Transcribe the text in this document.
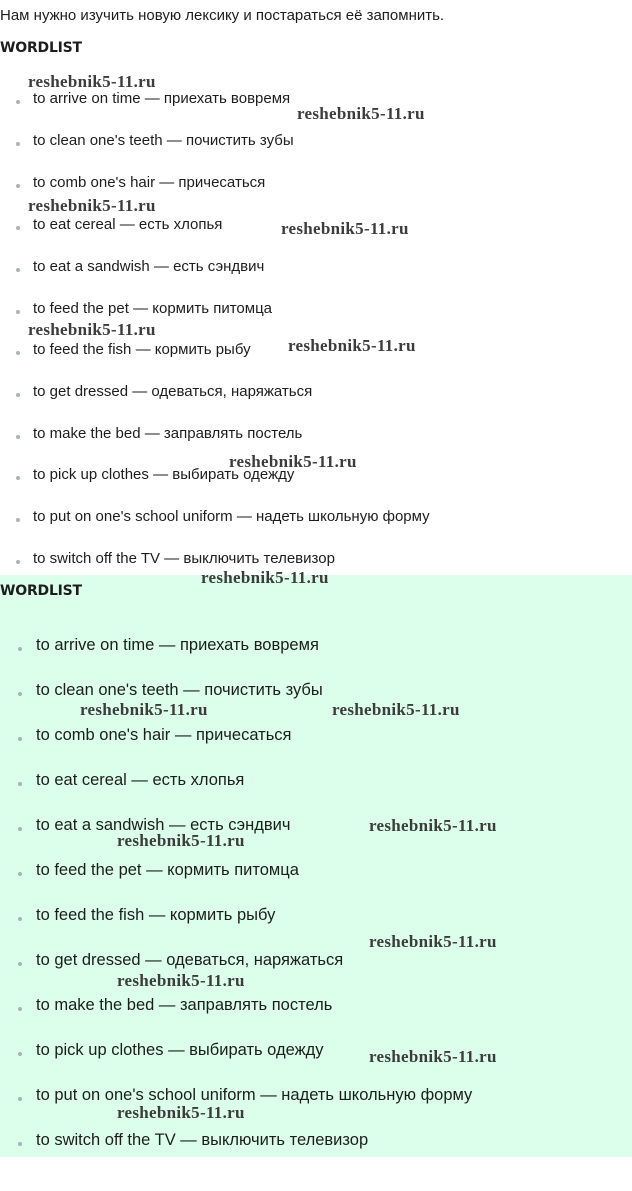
Нам нужно изучить новую лексику и постараться её запомнить.
WORDLIST
to arrive on time — приехать вовремя
to clean one's teeth — почистить зубы
to comb one's hair — причесаться
to eat cereal — есть хлопья
to eat a sandwish — есть сэндвич
to feed the pet — кормить питомца
to feed the fish — кормить рыбу
to get dressed — одеваться, наряжаться
to make the bed — заправлять постель
to pick up clothes — выбирать одежду
to put on one's school uniform — надеть школьную форму
to switch off the TV — выключить телевизор
WORDLIST
to arrive on time — приехать вовремя
to clean one's teeth — почистить зубы
to comb one's hair — причесаться
to eat cereal — есть хлопья
to eat a sandwish — есть сэндвич
to feed the pet — кормить питомца
to feed the fish — кормить рыбу
to get dressed — одеваться, наряжаться
to make the bed — заправлять постель
to pick up clothes — выбирать одежду
to put on one's school uniform — надеть школьную форму
to switch off the TV — выключить телевизор
reshebnik5-11.ru
reshebnik5-11.ru
reshebnik5-11.ru
reshebnik5-11.ru
reshebnik5-11.ru
reshebnik5-11.ru
reshebnik5-11.ru
reshebnik5-11.ru
reshebnik5-11.ru	reshebnik5-11.ru
reshebnik5-11.ru
reshebnik5-11.ru
reshebnik5-11.ru
reshebnik5-11.ru
reshebnik5-11.ru
reshebnik5-11.ru
